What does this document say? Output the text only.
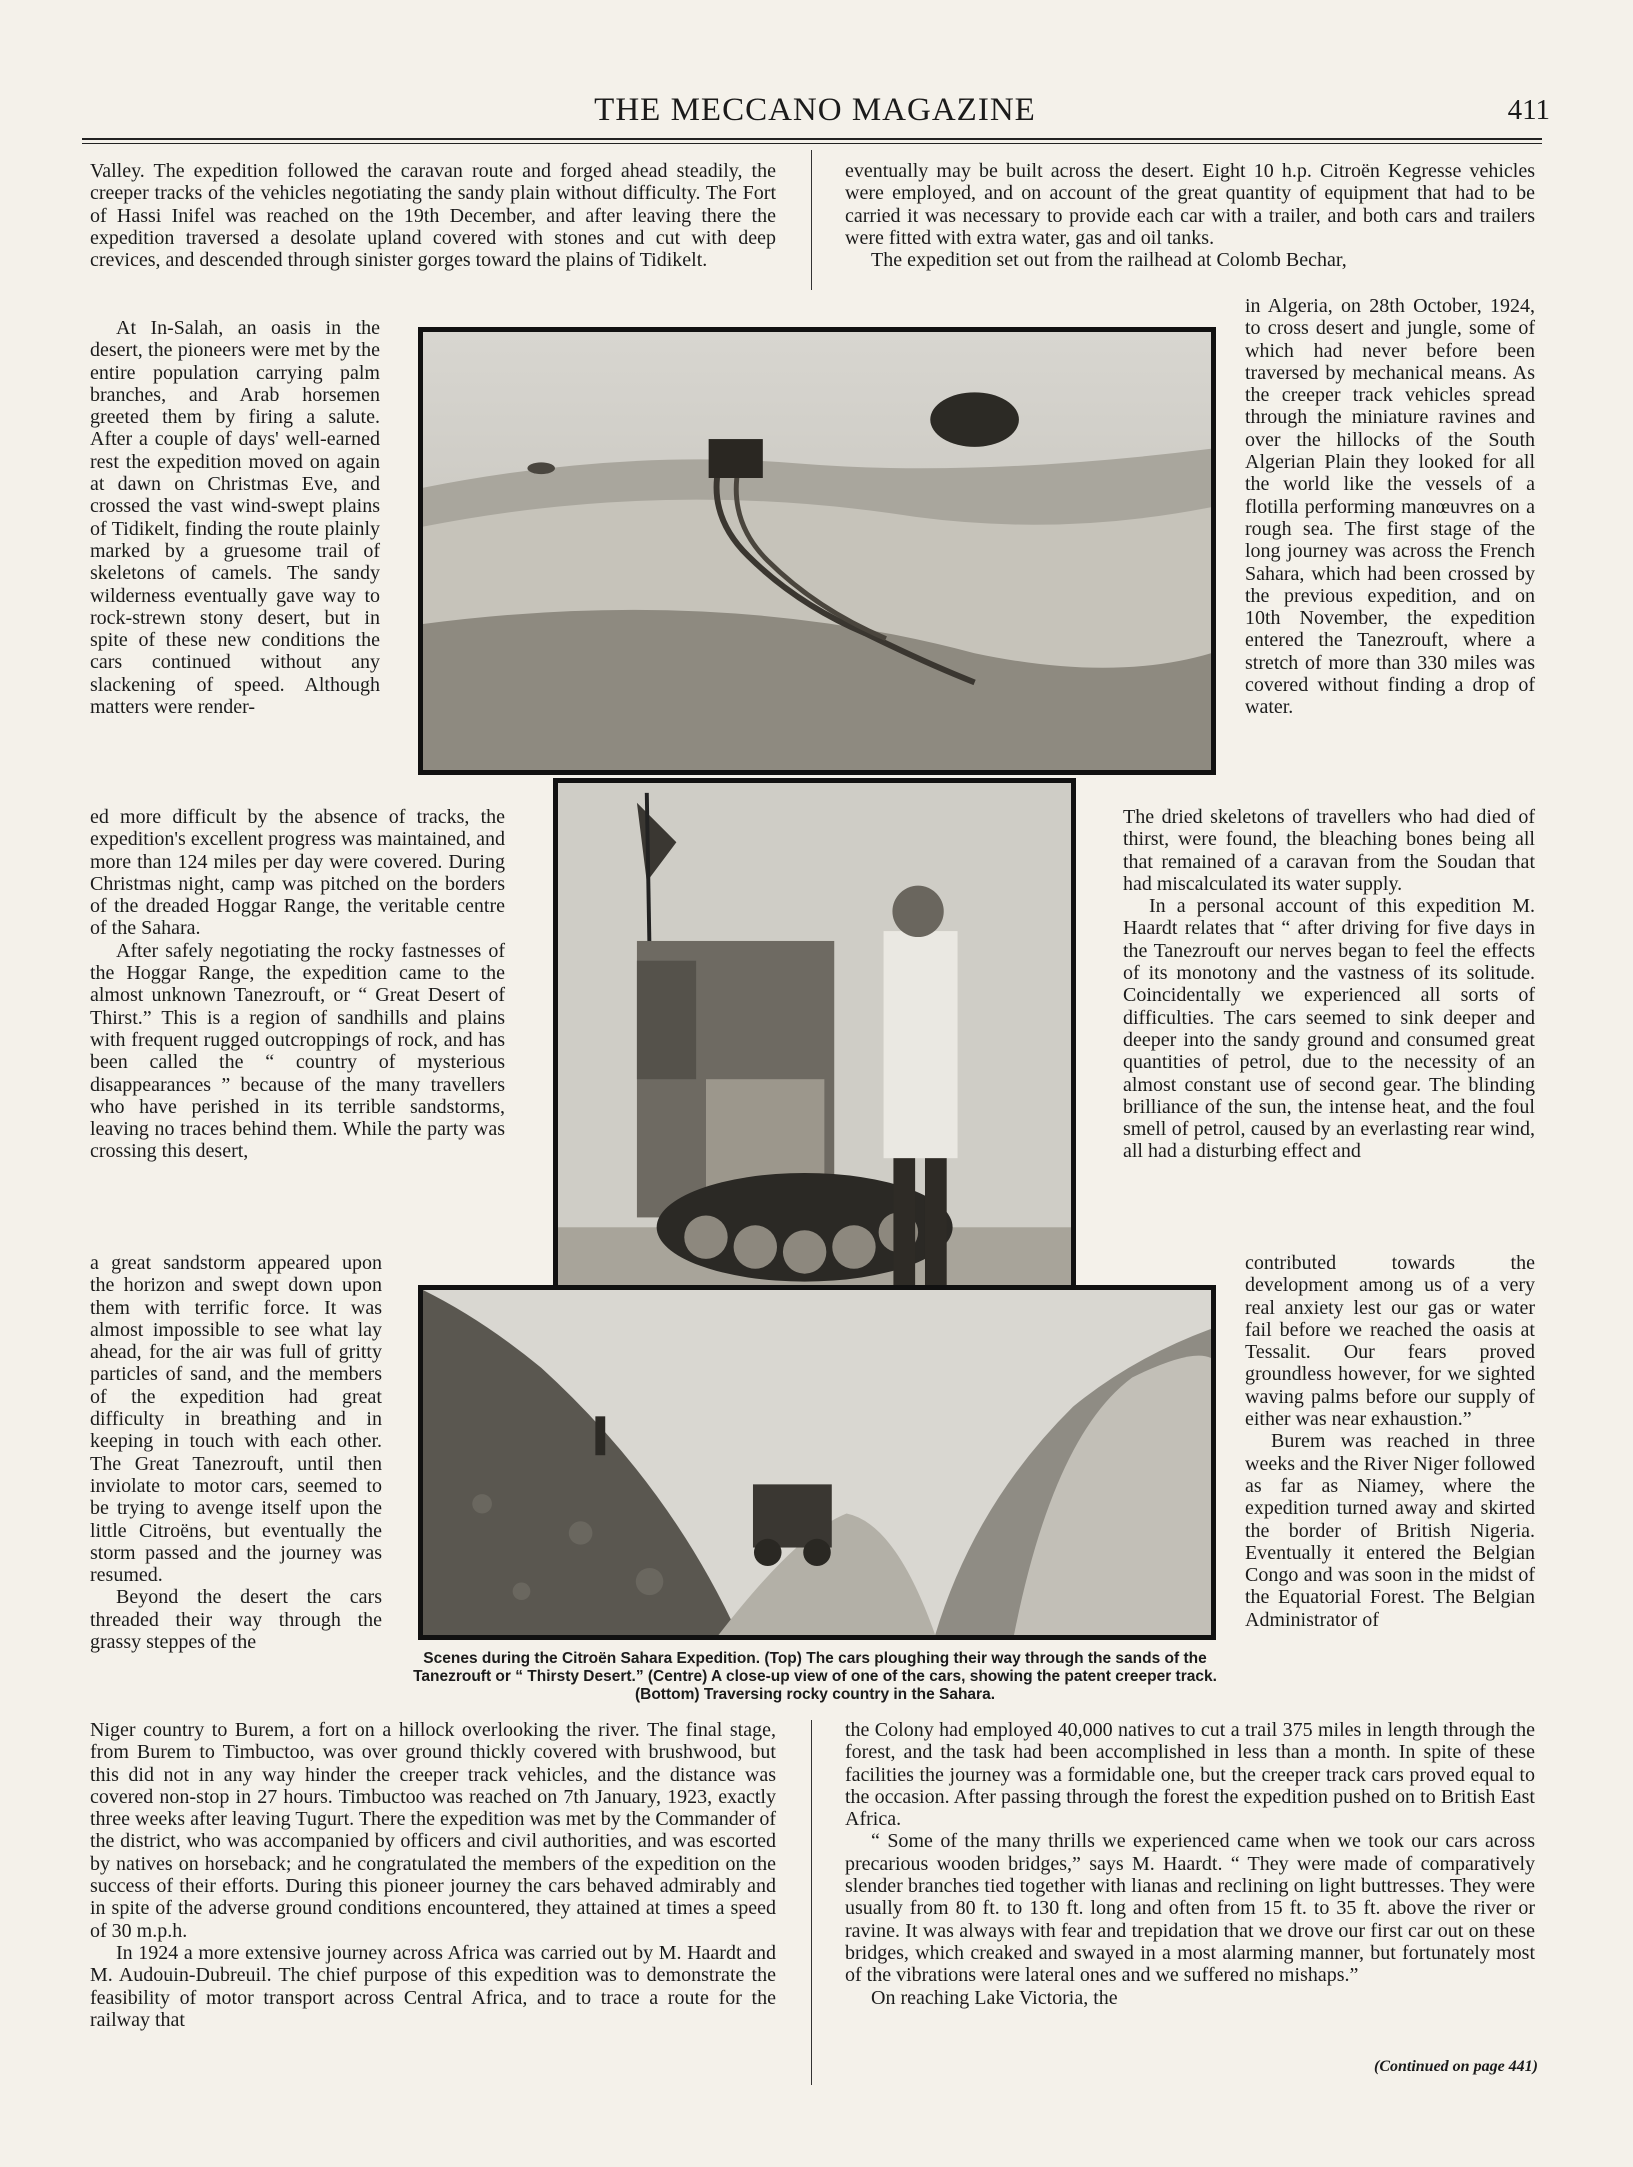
THE MECCANO MAGAZINE	411

Valley. The expedition followed the caravan route and forged ahead steadily, the creeper tracks of the vehicles negotiating the sandy plain without difficulty. The Fort of Hassi Inifel was reached on the 19th December, and after leaving there the expedition traversed a desolate upland covered with stones and cut with deep crevices, and descended through sinister gorges toward the plains of Tidikelt.

At In-Salah, an oasis in the desert, the pioneers were met by the entire population carrying palm branches, and Arab horsemen greeted them by firing a salute. After a couple of days' well-earned rest the expedition moved on again at dawn on Christmas Eve, and crossed the vast wind-swept plains of Tidikelt, finding the route plainly marked by a gruesome trail of skeletons of camels. The sandy wilderness eventually gave way to rock-strewn stony desert, but in spite of these new conditions the cars continued without any slackening of speed. Although matters were render-

ed more difficult by the absence of tracks, the expedition's excellent progress was maintained, and more than 124 miles per day were covered. During Christmas night, camp was pitched on the borders of the dreaded Hoggar Range, the veritable centre of the Sahara.

After safely negotiating the rocky fastnesses of the Hoggar Range, the expedition came to the almost unknown Tanezrouft, or “ Great Desert of Thirst.” This is a region of sandhills and plains with frequent rugged outcroppings of rock, and has been called the “ country of mysterious disappearances ” because of the many travellers who have perished in its terrible sandstorms, leaving no traces behind them. While the party was crossing this desert,

a great sandstorm appeared upon the horizon and swept down upon them with terrific force. It was almost impossible to see what lay ahead, for the air was full of gritty particles of sand, and the members of the expedition had great difficulty in breathing and in keeping in touch with each other. The Great Tanezrouft, until then inviolate to motor cars, seemed to be trying to avenge itself upon the little Citroëns, but eventually the storm passed and the journey was resumed.

Beyond the desert the cars threaded their way through the grassy steppes of the

Niger country to Burem, a fort on a hillock overlooking the river. The final stage, from Burem to Timbuctoo, was over ground thickly covered with brushwood, but this did not in any way hinder the creeper track vehicles, and the distance was covered non-stop in 27 hours. Timbuctoo was reached on 7th January, 1923, exactly three weeks after leaving Tugurt. There the expedition was met by the Commander of the district, who was accompanied by officers and civil authorities, and was escorted by natives on horseback; and he congratulated the members of the expedition on the success of their efforts. During this pioneer journey the cars behaved admirably and in spite of the adverse ground conditions encountered, they attained at times a speed of 30 m.p.h.

In 1924 a more extensive journey across Africa was carried out by M. Haardt and M. Audouin-Dubreuil. The chief purpose of this expedition was to demonstrate the feasibility of motor transport across Central Africa, and to trace a route for the railway that

eventually may be built across the desert. Eight 10 h.p. Citroën Kegresse vehicles were employed, and on account of the great quantity of equipment that had to be carried it was necessary to provide each car with a trailer, and both cars and trailers were fitted with extra water, gas and oil tanks.

The expedition set out from the railhead at Colomb Bechar,

in Algeria, on 28th October, 1924, to cross desert and jungle, some of which had never before been traversed by mechanical means. As the creeper track vehicles spread through the miniature ravines and over the hillocks of the South Algerian Plain they looked for all the world like the vessels of a flotilla performing manœuvres on a rough sea. The first stage of the long journey was across the French Sahara, which had been crossed by the previous expedition, and on 10th November, the expedition entered the Tanezrouft, where a stretch of more than 330 miles was covered without finding a drop of water.

The dried skeletons of travellers who had died of thirst, were found, the bleaching bones being all that remained of a caravan from the Soudan that had miscalculated its water supply.

In a personal account of this expedition M. Haardt relates that “ after driving for five days in the Tanezrouft our nerves began to feel the effects of its monotony and the vastness of its solitude. Coincidentally we experienced all sorts of difficulties. The cars seemed to sink deeper and deeper into the sandy ground and consumed great quantities of petrol, due to the necessity of an almost constant use of second gear. The blinding brilliance of the sun, the intense heat, and the foul smell of petrol, caused by an everlasting rear wind, all had a disturbing effect and

contributed towards the development among us of a very real anxiety lest our gas or water fail before we reached the oasis at Tessalit. Our fears proved groundless however, for we sighted waving palms before our supply of either was near exhaustion.”

Burem was reached in three weeks and the River Niger followed as far as Niamey, where the expedition turned away and skirted the border of British Nigeria. Eventually it entered the Belgian Congo and was soon in the midst of the Equatorial Forest. The Belgian Administrator of

the Colony had employed 40,000 natives to cut a trail 375 miles in length through the forest, and the task had been accomplished in less than a month. In spite of these facilities the journey was a formidable one, but the creeper track cars proved equal to the occasion. After passing through the forest the expedition pushed on to British East Africa.

“ Some of the many thrills we experienced came when we took our cars across precarious wooden bridges,” says M. Haardt. “ They were made of comparatively slender branches tied together with lianas and reclining on light buttresses. They were usually from 80 ft. to 130 ft. long and often from 15 ft. to 35 ft. above the river or ravine. It was always with fear and trepidation that we drove our first car out on these bridges, which creaked and swayed in a most alarming manner, but fortunately most of the vibrations were lateral ones and we suffered no mishaps.”

On reaching Lake Victoria, the

Scenes during the Citroën Sahara Expedition. (Top) The cars ploughing their way through the sands of the Tanezrouft or “ Thirsty Desert.” (Centre) A close-up view of one of the cars, showing the patent creeper track. (Bottom) Traversing rocky country in the Sahara.
(Continued on page 441)
